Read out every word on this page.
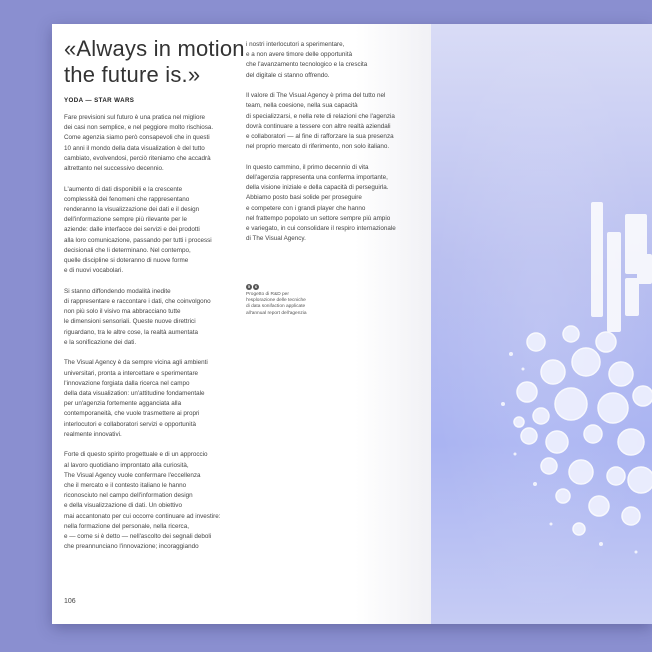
«Always in motion the future is.»
YODA — STAR WARS

Fare previsioni sul futuro è una pratica nel migliore
dei casi non semplice, e nel peggiore molto rischiosa.
Come agenzia siamo però consapevoli che in questi
10 anni il mondo della data visualization è del tutto
cambiato, evolvendosi, perciò riteniamo che accadrà
altrettanto nel successivo decennio.

L'aumento di dati disponibili e la crescente
complessità dei fenomeni che rappresentano
renderanno la visualizzazione dei dati e il design
dell'informazione sempre più rilevante per le
aziende: dalle interfacce dei servizi e dei prodotti
alla loro comunicazione, passando per tutti i processi
decisionali che li determinano. Nel contempo,
quelle discipline si doteranno di nuove forme
e di nuovi vocabolari.

Si stanno diffondendo modalità inedite
di rappresentare e raccontare i dati, che coinvolgono
non più solo il visivo ma abbracciano tutte
le dimensioni sensoriali. Queste nuove direttrici
riguardano, tra le altre cose, la realtà aumentata
e la sonificazione dei dati.

The Visual Agency è da sempre vicina agli ambienti
universitari, pronta a intercettare e sperimentare
l'innovazione forgiata dalla ricerca nel campo
della data visualization: un'attitudine fondamentale
per un'agenzia fortemente agganciata alla
contemporaneità, che vuole trasmettere ai propri
interlocutori e collaboratori servizi e opportunità
realmente innovativi.

Forte di questo spirito progettuale e di un approccio
al lavoro quotidiano improntato alla curiosità,
The Visual Agency vuole confermare l'eccellenza
che il mercato e il contesto italiano le hanno
riconosciuto nel campo dell'information design
e della visualizzazione di dati. Un obiettivo
mai accantonato per cui occorre continuare ad investire:
nella formazione del personale, nella ricerca,
e — come si è detto — nell'ascolto dei segnali deboli
che preannunciano l'innovazione; incoraggiando

i nostri interlocutori a sperimentare,
e a non avere timore delle opportunità
che l'avanzamento tecnologico e la crescita
del digitale ci stanno offrendo.

Il valore di The Visual Agency è prima del tutto nel
team, nella coesione, nella sua capacità
di specializzarsi, e nella rete di relazioni che l'agenzia
dovrà continuare a tessere con altre realtà aziendali
e collaboratori — al fine di rafforzare la sua presenza
nel proprio mercato di riferimento, non solo italiano.

In questo cammino, il primo decennio di vita
dell'agenzia rappresenta una conferma importante,
della visione iniziale e della capacità di perseguirla.
Abbiamo posto basi solide per proseguire
e competere con i grandi player che hanno
nel frattempo popolato un settore sempre più ampio
e variegato, in cui consolidare il respiro internazionale
di The Visual Agency.

5	6
Progetto di R&D per
l'esplorazione delle tecniche
di data sonifaction applicate
all'annual report dell'agenzia
106
